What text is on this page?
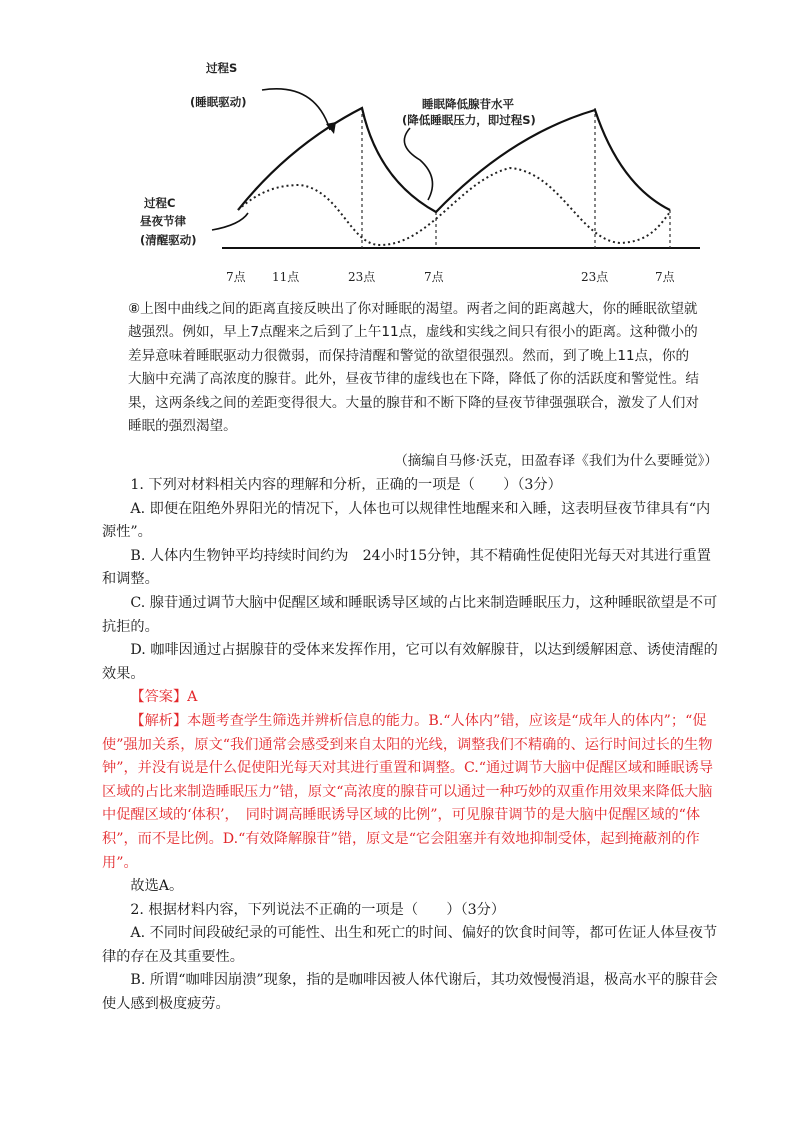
过程S
(睡眠驱动)	睡眠降低腺苷水平
(降低睡眠压力，即过程S)
过程C
昼夜节律
(清醒驱动)
7点 11点	23点	7点	23点	7点
⑧上图中曲线之间的距离直接反映出了你对睡眠的渴望。两者之间的距离越大，你的睡眠欲望就越强烈。例如，早上7点醒来之后到了上午11点，虚线和实线之间只有很小的距离。这种微小的差异意味着睡眠驱动力很微弱，而保持清醒和警觉的欲望很强烈。然而，到了晚上11点，你的大脑中充满了高浓度的腺苷。此外，昼夜节律的虚线也在下降，降低了你的活跃度和警觉性。结果，这两条线之间的差距变得很大。大量的腺苷和不断下降的昼夜节律强强联合，激发了人们对睡眠的强烈渴望。
（摘编自马修·沃克，田盈春译《我们为什么要睡觉》）
1. 下列对材料相关内容的理解和分析，正确的一项是（　　）（3分）
A. 即便在阻绝外界阳光的情况下，人体也可以规律性地醒来和入睡，这表明昼夜节律具有“内源性”。
B. 人体内生物钟平均持续时间约为　24小时15分钟，其不精确性促使阳光每天对其进行重置和调整。
C. 腺苷通过调节大脑中促醒区域和睡眠诱导区域的占比来制造睡眠压力，这种睡眠欲望是不可抗拒的。
D. 咖啡因通过占据腺苷的受体来发挥作用，它可以有效解腺苷，以达到缓解困意、诱使清醒的效果。
【答案】A
【解析】本题考查学生筛选并辨析信息的能力。B.“人体内”错，应该是“成年人的体内”；“促使”强加关系，原文“我们通常会感受到来自太阳的光线，调整我们不精确的、运行时间过长的生物钟”，并没有说是什么促使阳光每天对其进行重置和调整。C.“通过调节大脑中促醒区域和睡眠诱导区域的占比来制造睡眠压力”错，原文“高浓度的腺苷可以通过一种巧妙的双重作用效果来降低大脑中促醒区域的‘体积’，　同时调高睡眠诱导区域的比例”，可见腺苷调节的是大脑中促醒区域的“体积”，而不是比例。D.“有效降解腺苷”错，原文是“它会阻塞并有效地抑制受体，起到掩蔽剂的作用”。
故选A。
2. 根据材料内容，下列说法不正确的一项是（　　）（3分）
A. 不同时间段破纪录的可能性、出生和死亡的时间、偏好的饮食时间等，都可佐证人体昼夜节律的存在及其重要性。
B. 所谓“咖啡因崩溃”现象，指的是咖啡因被人体代谢后，其功效慢慢消退，极高水平的腺苷会使人感到极度疲劳。
